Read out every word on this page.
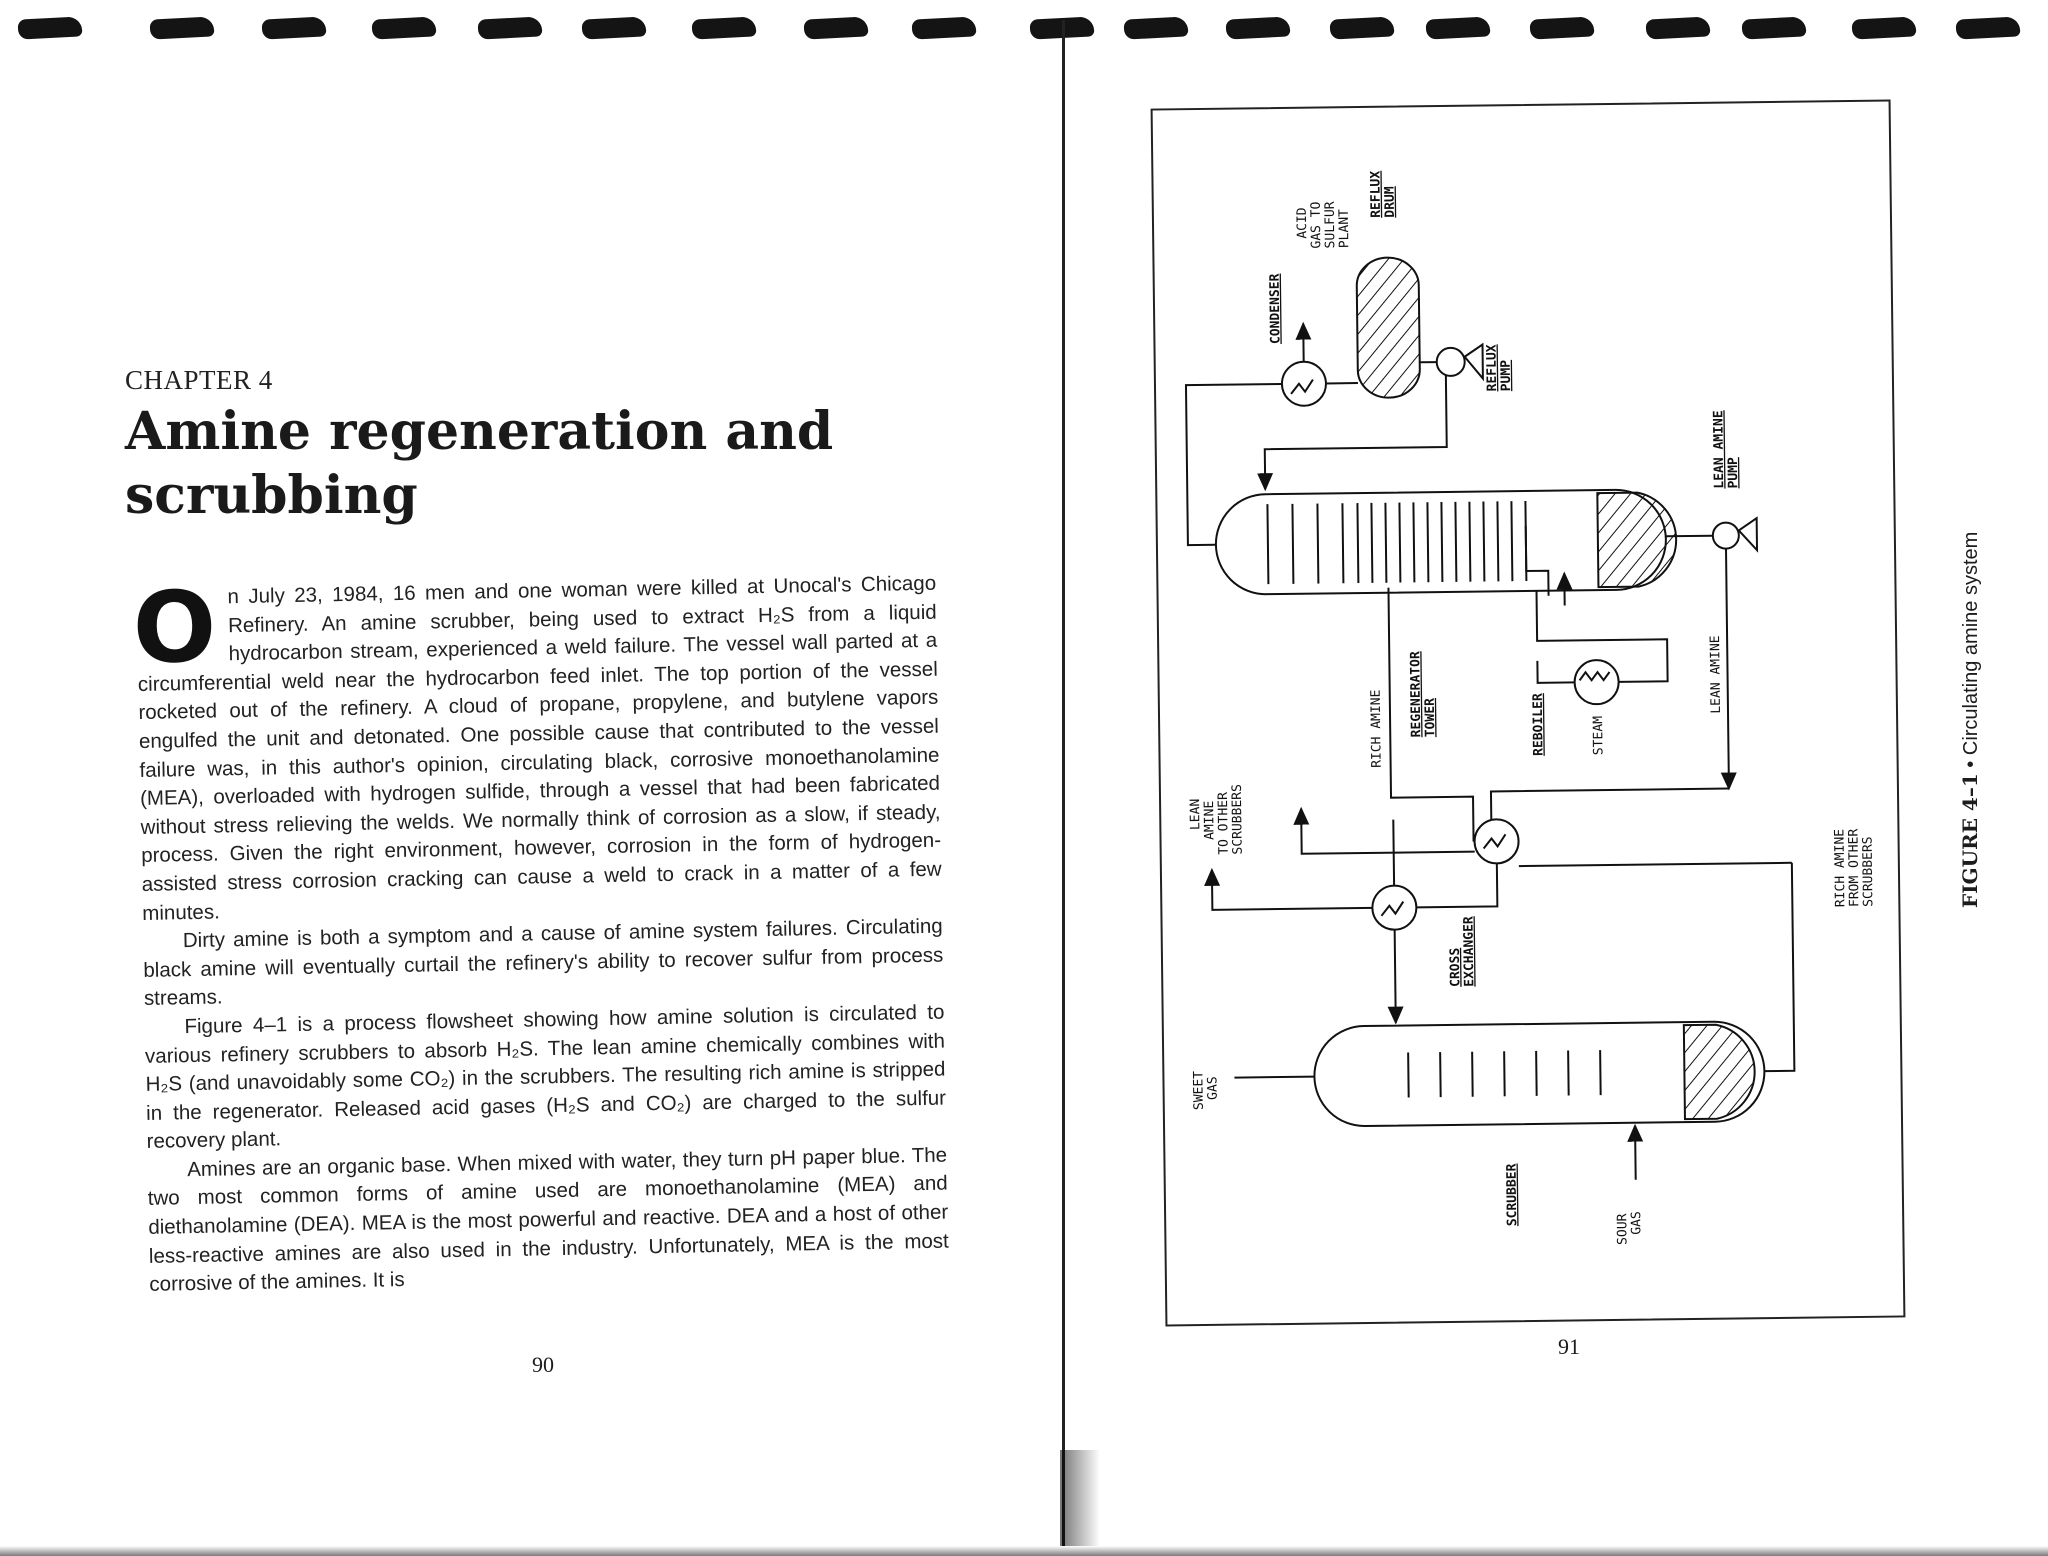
CHAPTER 4
Amine regeneration and scrubbing

On July 23, 1984, 16 men and one woman were killed at Unocal's Chicago Refinery. An amine scrubber, being used to extract H₂S from a liquid hydrocarbon stream, experienced a weld failure. The vessel wall parted at a circumferential weld near the hydrocarbon feed inlet. The top portion of the vessel rocketed out of the refinery. A cloud of propane, propylene, and butylene vapors engulfed the unit and detonated. One possible cause that contributed to the vessel failure was, in this author's opinion, circulating black, corrosive monoethanolamine (MEA), overloaded with hydrogen sulfide, through a vessel that had been fabricated without stress relieving the welds. We normally think of corrosion as a slow, if steady, process. Given the right environment, however, corrosion in the form of hydrogen-assisted stress corrosion cracking can cause a weld to crack in a matter of a few minutes.

Dirty amine is both a symptom and a cause of amine system failures. Circulating black amine will eventually curtail the refinery's ability to recover sulfur from process streams.

Figure 4–1 is a process flowsheet showing how amine solution is circulated to various refinery scrubbers to absorb H₂S. The lean amine chemically combines with H₂S (and unavoidably some CO₂) in the scrubbers. The resulting rich amine is stripped in the regenerator. Released acid gases (H₂S and CO₂) are charged to the sulfur recovery plant.

Amines are an organic base. When mixed with water, they turn pH paper blue. The two most common forms of amine used are monoethanolamine (MEA) and diethanolamine (DEA). MEA is the most powerful and reactive. DEA and a host of other less-reactive amines are also used in the industry. Unfortunately, MEA is the most corrosive of the amines. It is

90
CONDENSER
ACID
GAS TO
SULFUR
PLANT
REFLUX
DRUM
REFLUX
PUMP
LEAN AMINE
PUMP
REGENERATOR
TOWER
RICH AMINE	REBOILER	STEAM
LEAN AMINE
LEAN
AMINE
TO OTHER
SCRUBBERS
RICH AMINE
FROM OTHER
SCRUBBERS
CROSS
EXCHANGER
SWEET
GAS
SCRUBBER
SOUR
GAS
FIGURE 4–1 • Circulating amine system
91
